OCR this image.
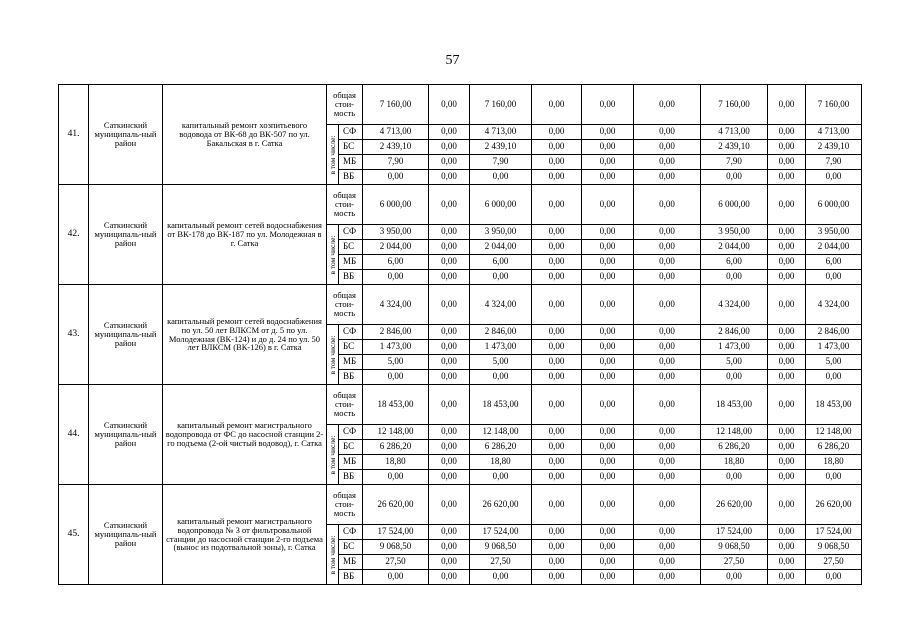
57
41.	Саткинский муниципаль-ный район	капитальный ремонт хозпитьевого водовода от ВК-68 до ВК-507 по ул. Бакальская в г. Сатка	общая стои-мость		7 160,00	0,00	7 160,00	0,00	0,00	0,00	7 160,00	0,00	7 160,00

			в том числе:	СФ	4 713,00	0,00	4 713,00	0,00	0,00	0,00	4 713,00	0,00	4 713,00
				БС	2 439,10	0,00	2 439,10	0,00	0,00	0,00	2 439,10	0,00	2 439,10
				МБ	7,90	0,00	7,90	0,00	0,00	0,00	7,90	0,00	7,90
				ВБ	0,00	0,00	0,00	0,00	0,00	0,00	0,00	0,00	0,00
42.	Саткинский муниципаль-ный район	капитальный ремонт сетей водоснабжения от ВК-178 до ВК-187 по ул. Молодежная в г. Сатка	общая стои-мость		6 000,00	0,00	6 000,00	0,00	0,00	0,00	6 000,00	0,00	6 000,00

			в том числе:	СФ	3 950,00	0,00	3 950,00	0,00	0,00	0,00	3 950,00	0,00	3 950,00
				БС	2 044,00	0,00	2 044,00	0,00	0,00	0,00	2 044,00	0,00	2 044,00
				МБ	6,00	0,00	6,00	0,00	0,00	0,00	6,00	0,00	6,00
				ВБ	0,00	0,00	0,00	0,00	0,00	0,00	0,00	0,00	0,00
43.	Саткинский муниципаль-ный район	капитальный ремонт сетей водоснабжения по ул. 50 лет ВЛКСМ от д. 5 по ул. Молодежная (ВК-124) и до д. 24 по ул. 50 лет ВЛКСМ (ВК-126) в г. Сатка	общая стои-мость		4 324,00	0,00	4 324,00	0,00	0,00	0,00	4 324,00	0,00	4 324,00

			в том числе:	СФ	2 846,00	0,00	2 846,00	0,00	0,00	0,00	2 846,00	0,00	2 846,00
				БС	1 473,00	0,00	1 473,00	0,00	0,00	0,00	1 473,00	0,00	1 473,00
				МБ	5,00	0,00	5,00	0,00	0,00	0,00	5,00	0,00	5,00
				ВБ	0,00	0,00	0,00	0,00	0,00	0,00	0,00	0,00	0,00
44.	Саткинский муниципаль-ный район	капитальный ремонт магистрального водопровода от ФС до насосной станции 2-го подъема (2-ой чистый водовод), г. Сатка	общая стои-мость		18 453,00	0,00	18 453,00	0,00	0,00	0,00	18 453,00	0,00	18 453,00

			в том числе:	СФ	12 148,00	0,00	12 148,00	0,00	0,00	0,00	12 148,00	0,00	12 148,00
				БС	6 286,20	0,00	6 286,20	0,00	0,00	0,00	6 286,20	0,00	6 286,20
				МБ	18,80	0,00	18,80	0,00	0,00	0,00	18,80	0,00	18,80
				ВБ	0,00	0,00	0,00	0,00	0,00	0,00	0,00	0,00	0,00
45.	Саткинский муниципаль-ный район	капитальный ремонт магистрального водопровода № 3 от фильтровальной станции до насосной станции 2-го подъема (вынос из подотвальной зоны), г. Сатка	общая стои-мость		26 620,00	0,00	26 620,00	0,00	0,00	0,00	26 620,00	0,00	26 620,00

			в том числе:	СФ	17 524,00	0,00	17 524,00	0,00	0,00	0,00	17 524,00	0,00	17 524,00
				БС	9 068,50	0,00	9 068,50	0,00	0,00	0,00	9 068,50	0,00	9 068,50
				МБ	27,50	0,00	27,50	0,00	0,00	0,00	27,50	0,00	27,50
				ВБ	0,00	0,00	0,00	0,00	0,00	0,00	0,00	0,00	0,00
